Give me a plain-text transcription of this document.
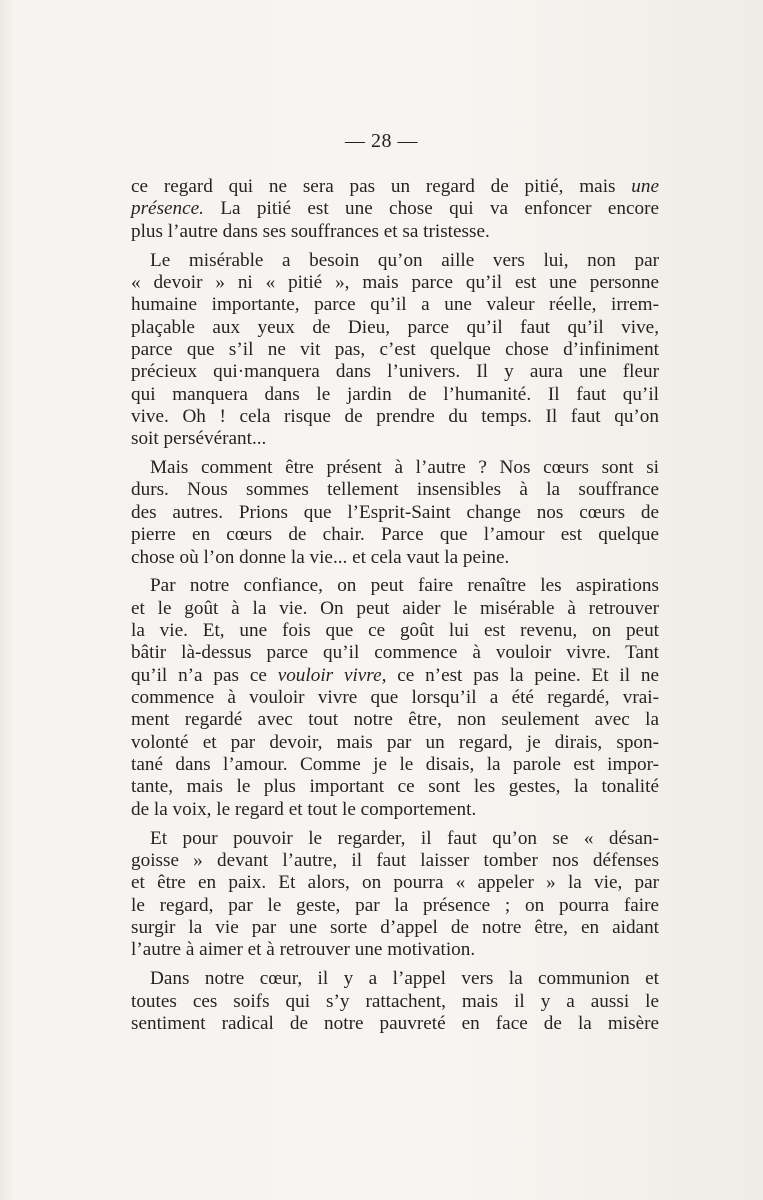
— 28 —
ce regard qui ne sera pas un regard de pitié, mais une
présence. La pitié est une chose qui va enfoncer encore
plus l’autre dans ses souffrances et sa tristesse.
Le misérable a besoin qu’on aille vers lui, non par
« devoir » ni « pitié », mais parce qu’il est une personne
humaine importante, parce qu’il a une valeur réelle, irrem-
plaçable aux yeux de Dieu, parce qu’il faut qu’il vive,
parce que s’il ne vit pas, c’est quelque chose d’infiniment
précieux qui·manquera dans l’univers. Il y aura une fleur
qui manquera dans le jardin de l’humanité. Il faut qu’il
vive. Oh ! cela risque de prendre du temps. Il faut qu’on
soit persévérant...
Mais comment être présent à l’autre ? Nos cœurs sont si
durs. Nous sommes tellement insensibles à la souffrance
des autres. Prions que l’Esprit-Saint change nos cœurs de
pierre en cœurs de chair. Parce que l’amour est quelque
chose où l’on donne la vie... et cela vaut la peine.
Par notre confiance, on peut faire renaître les aspirations
et le goût à la vie. On peut aider le misérable à retrouver
la vie. Et, une fois que ce goût lui est revenu, on peut
bâtir là-dessus parce qu’il commence à vouloir vivre. Tant
qu’il n’a pas ce vouloir vivre, ce n’est pas la peine. Et il ne
commence à vouloir vivre que lorsqu’il a été regardé, vrai-
ment regardé avec tout notre être, non seulement avec la
volonté et par devoir, mais par un regard, je dirais, spon-
tané dans l’amour. Comme je le disais, la parole est impor-
tante, mais le plus important ce sont les gestes, la tonalité
de la voix, le regard et tout le comportement.
Et pour pouvoir le regarder, il faut qu’on se « désan-
goisse » devant l’autre, il faut laisser tomber nos défenses
et être en paix. Et alors, on pourra « appeler » la vie, par
le regard, par le geste, par la présence ; on pourra faire
surgir la vie par une sorte d’appel de notre être, en aidant
l’autre à aimer et à retrouver une motivation.
Dans notre cœur, il y a l’appel vers la communion et
toutes ces soifs qui s’y rattachent, mais il y a aussi le
sentiment radical de notre pauvreté en face de la misère
